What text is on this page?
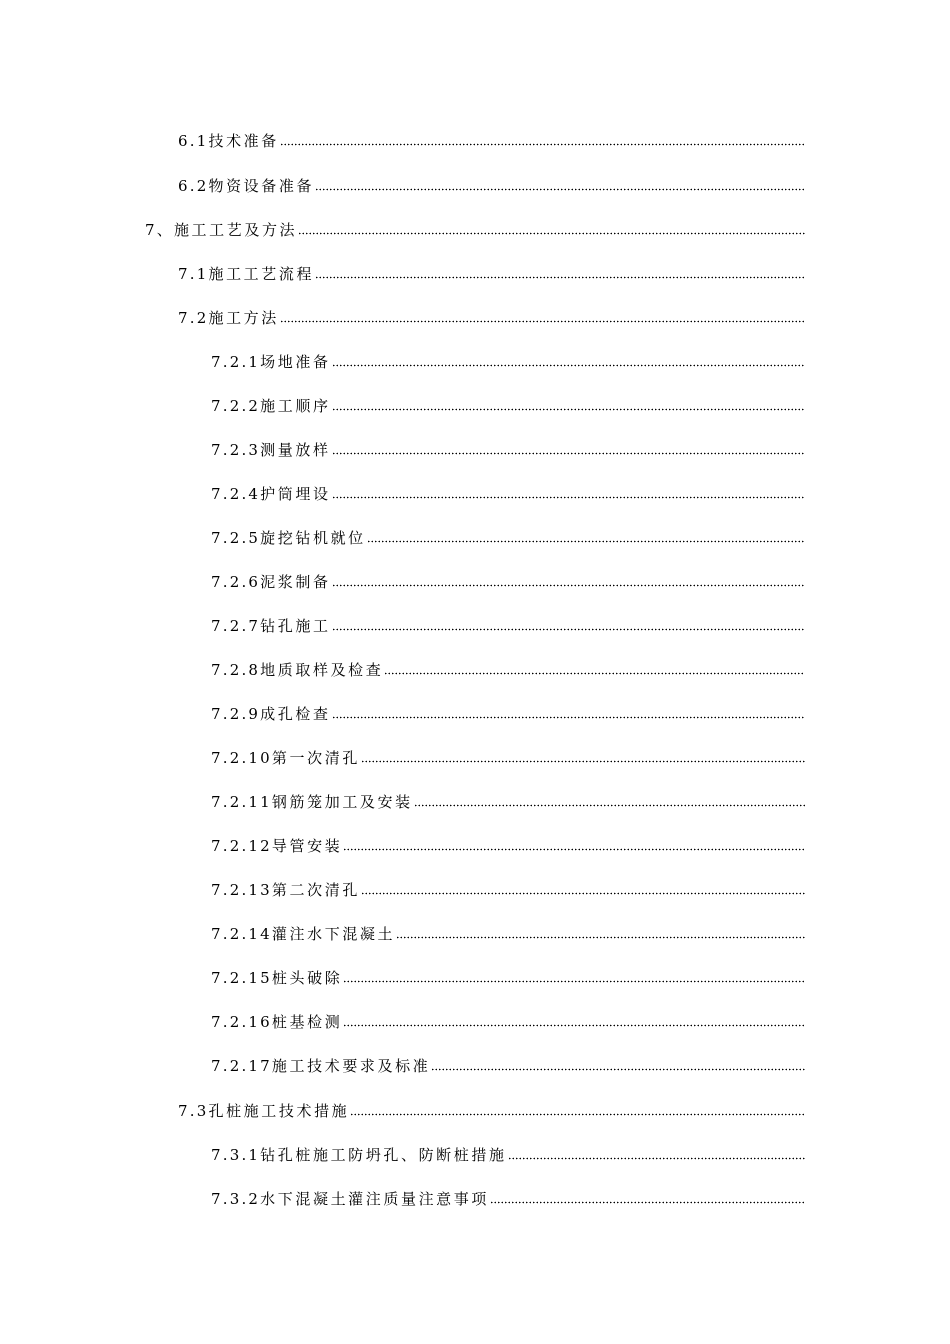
6.1 技术准备
6.2 物资设备准备
7、 施工工艺及方法
7.1 施工工艺流程
7.2 施工方法
7.2.1 场地准备
7.2.2 施工顺序
7.2.3 测量放样
7.2.4 护筒埋设
7.2.5 旋挖钻机就位
7.2.6 泥浆制备
7.2.7 钻孔施工
7.2.8 地质取样及检查
7.2.9 成孔检查
7.2.10 第一次清孔
7.2.11 钢筋笼加工及安装
7.2.12 导管安装
7.2.13 第二次清孔
7.2.14 灌注水下混凝土
7.2.15 桩头破除
7.2.16 桩基检测
7.2.17 施工技术要求及标准
7.3 孔桩施工技术措施
7.3.1 钻孔桩施工防坍孔、防断桩措施
7.3.2 水下混凝土灌注质量注意事项
